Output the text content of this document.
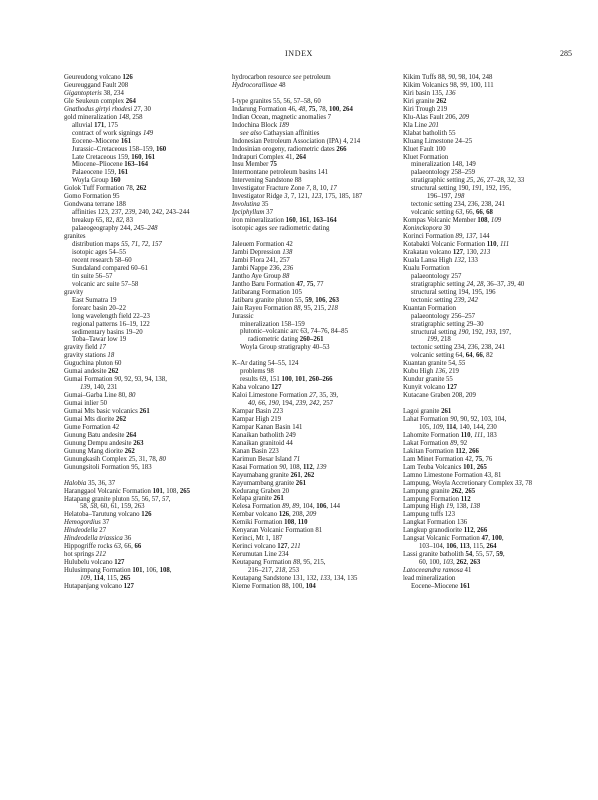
INDEX	285
Geureudong volcano 126
Geureuggand Fault 208
Gigantopteris 38, 234
Gle Seukeun complex 264
Gnathodus girtyi rhodesi 27, 30
gold mineralization 148, 258
alluvial 171, 175
contract of work signings 149
Eocene–Miocene 161
Jurassic–Cretaceous 158–159, 160
Late Cretaceous 159, 160, 161
Miocene–Pliocene 163–164
Palaeocene 159, 161
Woyla Group 160
Golok Tuff Formation 78, 262
Gomo Formation 95
Gondwana terrane 188
affinities 123, 237, 239, 240, 242, 243–244
breakup 65, 82, 82, 83
palaeogeography 244, 245–248
granites
distribution maps 55, 71, 72, 157
isotopic ages 54–55
recent research 58–60
Sundaland compared 60–61
tin suite 56–57
volcanic arc suite 57–58
gravity
East Sumatra 19
forearc basin 20–22
long wavelength field 22–23
regional patterns 16–19, 122
sedimentary basins 19–20
Toba–Tawar low 19
gravity field 17
gravity stations 18
Guguchina pluton 60
Gumai andesite 262
Gumai Formation 90, 92, 93, 94, 138,
139, 140, 231
Gumai–Garba Line 80, 80
Gumai inlier 50
Gumai Mts basic volcanics 261
Gumai Mts diorite 262
Gume Formation 42
Gunung Batu andesite 264
Gunung Dempu andesite 263
Gunung Mang diorite 262
Gunungkasih Complex 25, 31, 78, 80
Gunungsitoli Formation 95, 183
Halobia 35, 36, 37
Haranggaol Volcanic Formation 101, 108, 265
Hatapang granite pluton 55, 56, 57, 57,
58, 58, 60, 61, 159, 263
Helatoba–Tarutung volcano 126
Hemogordius 37
Hindeodella 27
Hindeodella triassica 36
Hippogriffe rocks 63, 66, 66
hot springs 212
Hulubelu volcano 127
Hulusimpang Formation 101, 106, 108,
109, 114, 115, 265
Hutapanjang volcano 127
hydrocarbon resource see petroleum
Hydrocorallinae 48
I-type granites 55, 56, 57–58, 60
Indarung Formation 46, 48, 75, 78, 100, 264
Indian Ocean, magnetic anomalies 7
Indochina Block 189
see also Cathaysian affinities
Indonesian Petroleum Association (IPA) 4, 214
Indosinian orogeny, radiometric dates 266
Indrapuri Complex 41, 264
Insu Member 75
Intermontane petroleum basins 141
Intervening Sandstone 88
Investigator Fracture Zone 7, 8, 10, 17
Investigator Ridge 3, 7, 121, 123, 175, 185, 187
Involutina 35
Ipciphyllum 37
iron mineralization 160, 161, 163–164
isotopic ages see radiometric dating
Jaleuem Formation 42
Jambi Depression 138
Jambi Flora 241, 257
Jambi Nappe 236, 236
Jantho Aye Group 88
Jantho Baru Formation 47, 75, 77
Jatibarang Formation 105
Jatibaru granite pluton 55, 59, 106, 263
Jaiu Rayeu Formation 88, 95, 215, 218
Jurassic
mineralization 158–159
plutonic–volcanic arc 63, 74–76, 84–85
radiometric dating 260–261
Woyla Group stratigraphy 40–53
K–Ar dating 54–55, 124
problems 98
results 69, 151 100, 101, 260–266
Kaba volcano 127
Kaloi Limestone Formation 27, 35, 39,
40, 66, 190, 194, 239, 242, 257
Kampar Basin 223
Kampar High 219
Kampar Kanan Basin 141
Kanaikan batholith 249
Kanaikan granitoid 44
Kanan Basin 223
Karimun Besar Island 71
Kasai Formation 90, 108, 112, 139
Kayumabang granite 261, 262
Kayumambang granite 261
Kedurang Graben 20
Kelapa granite 261
Kelesa Formation 89, 89, 104, 106, 144
Kembar volcano 126, 208, 209
Kemiki Formation 108, 110
Kenyaran Volcanic Formation 81
Kerinci, Mt 1, 187
Kerinci volcano 127, 211
Kerumutan Line 234
Keutapang Formation 88, 95, 215,
216–217, 218, 253
Keutapang Sandstone 131, 132, 133, 134, 135
Kieme Formation 88, 100, 104
Kikim Tuffs 88, 90, 98, 104, 248
Kikim Volcanics 98, 99, 100, 111
Kiri basin 135, 136
Kiri granite 262
Kiri Trough 219
Klu-Alas Fault 206, 209
Kla Line 201
Klabat batholith 55
Kluang Limestone 24–25
Kluet Fault 100
Kluet Formation
mineralization 148, 149
palaeontology 258–259
stratigraphic setting 25, 26, 27–28, 32, 33
structural setting 190, 191, 192, 195,
196–197, 198
tectonic setting 234, 236, 238, 241
volcanic setting 63, 66, 66, 68
Kompas Volcanic Member 108, 109
Koninckopora 30
Korinci Formation 89, 137, 144
Kotabakti Volcanic Formation 110, 111
Krakatau volcano 127, 130, 213
Kuala Lansa High 132, 133
Kualu Formation
palaeontology 257
stratigraphic setting 24, 28, 36–37, 39, 40
structural setting 194, 195, 196
tectonic setting 239, 242
Kuantan Formation
palaeontology 256–257
stratigraphic setting 29–30
structural setting 190, 192, 193, 197,
199, 218
tectonic setting 234, 236, 238, 241
volcanic setting 64, 64, 66, 82
Kuantan granite 54, 55
Kubu High 136, 219
Kundur granite 55
Kunyit volcano 127
Kutacane Graben 208, 209
Lagoi granite 261
Lahat Formation 90, 90, 92, 103, 104,
105, 109, 114, 140, 144, 230
Lahomite Formation 110, 111, 183
Lakat Formation 89, 92
Lakitan Formation 112, 266
Lam Minet Formation 42, 75, 76
Lam Teuba Volcanics 101, 265
Lamno Limestone Formation 43, 81
Lampung, Woyla Accretionary Complex 33, 78
Lampung granite 262, 265
Lampung Formation 112
Lampung High 19, 138, 138
Lampung tuffs 123
Langkat Formation 136
Langkup granodiorite 112, 266
Langsat Volcanic Formation 47, 100,
103–104, 106, 113, 115, 264
Lassi granite batholith 54, 55, 57, 59,
60, 100, 103, 262, 263
Latoceeandra ramosa 41
lead mineralization
Eocene–Miocene 161
